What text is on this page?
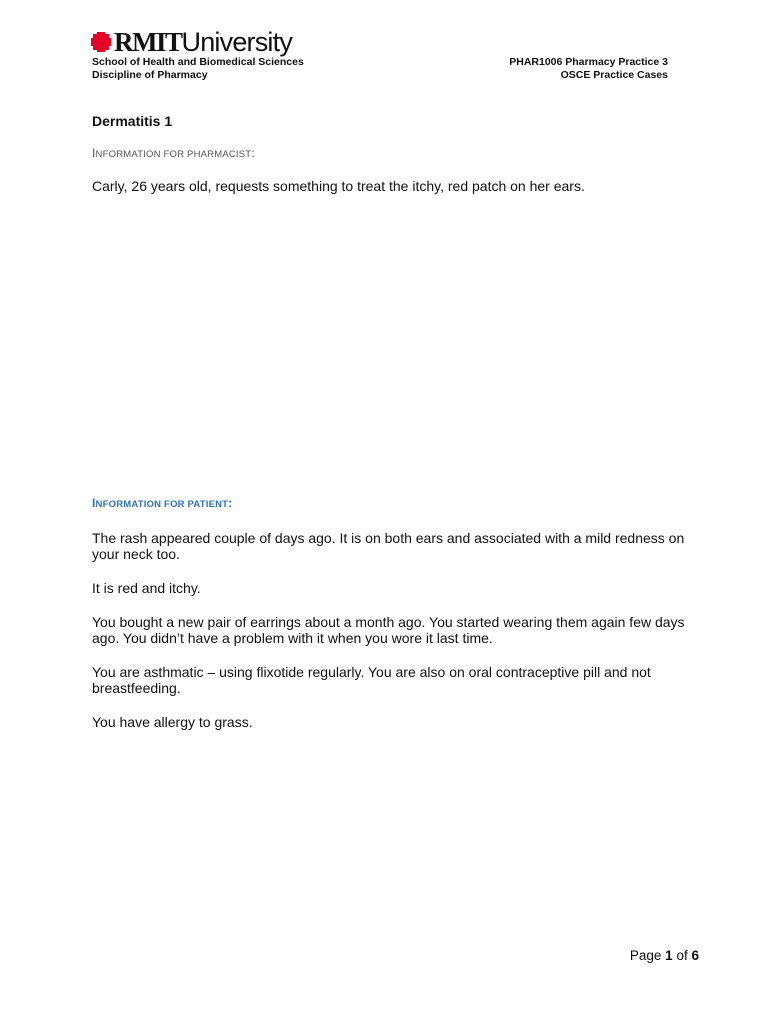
RMIT University
School of Health and Biomedical Sciences
Discipline of Pharmacy
PHAR1006 Pharmacy Practice 3
OSCE Practice Cases
Dermatitis 1
INFORMATION FOR PHARMACIST:
Carly, 26 years old, requests something to treat the itchy, red patch on her ears.
INFORMATION FOR PATIENT:
The rash appeared couple of days ago. It is on both ears and associated with a mild redness on your neck too.
It is red and itchy.
You bought a new pair of earrings about a month ago. You started wearing them again few days ago. You didn’t have a problem with it when you wore it last time.
You are asthmatic – using flixotide regularly. You are also on oral contraceptive pill and not breastfeeding.
You have allergy to grass.
Page 1 of 6
